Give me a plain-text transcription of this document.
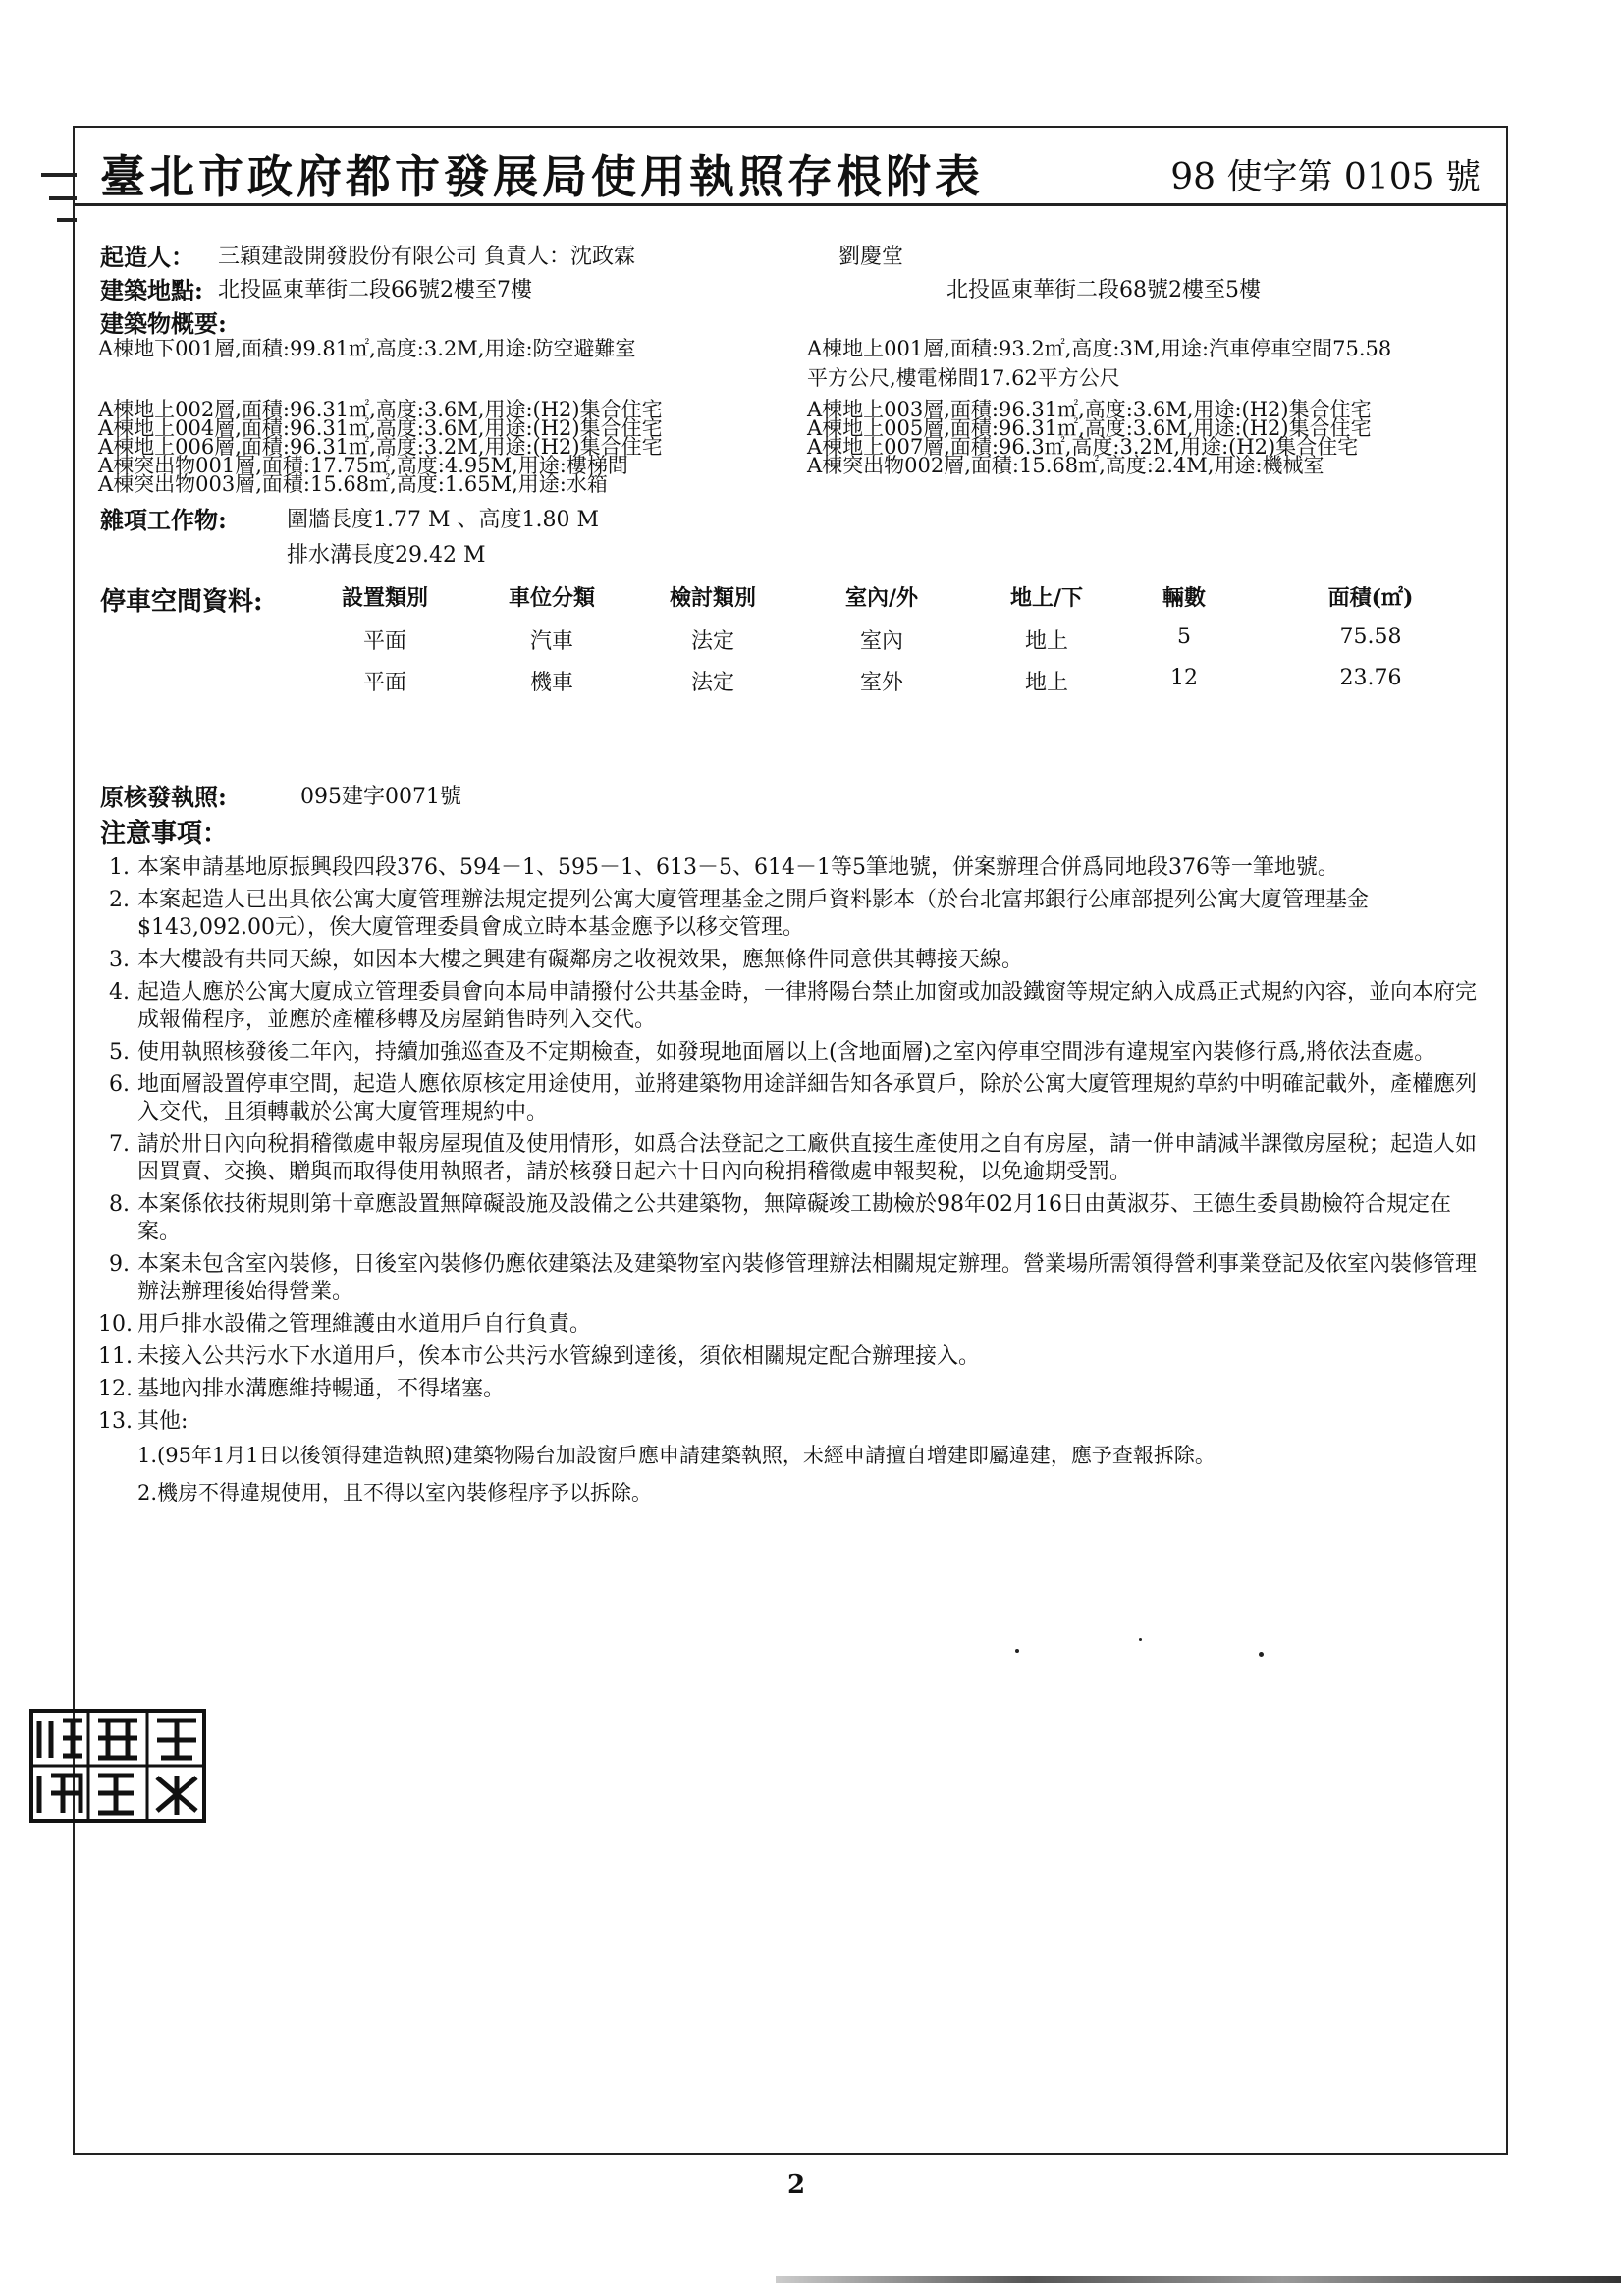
臺北市政府都市發展局使用執照存根附表	98 使字第 0105 號
起造人： 三穎建設開發股份有限公司 負責人：沈政霖	劉慶堂
建築地點: 北投區東華街二段66號2樓至7樓	北投區東華街二段68號2樓至5樓
建築物概要:
A棟地下001層,面積:99.81㎡,高度:3.2M,用途:防空避難室
A棟地上002層,面積:96.31㎡,高度:3.6M,用途:(H2)集合住宅
A棟地上004層,面積:96.31㎡,高度:3.6M,用途:(H2)集合住宅
A棟地上006層,面積:96.31㎡,高度:3.2M,用途:(H2)集合住宅
A棟突出物001層,面積:17.75㎡,高度:4.95M,用途:樓梯間
A棟突出物003層,面積:15.68㎡,高度:1.65M,用途:水箱
A棟地上001層,面積:93.2㎡,高度:3M,用途:汽車停車空間75.58
平方公尺,樓電梯間17.62平方公尺
A棟地上003層,面積:96.31㎡,高度:3.6M,用途:(H2)集合住宅
A棟地上005層,面積:96.31㎡,高度:3.6M,用途:(H2)集合住宅
A棟地上007層,面積:96.3㎡,高度:3.2M,用途:(H2)集合住宅
A棟突出物002層,面積:15.68㎡,高度:2.4M,用途:機械室
雜項工作物:	圍牆長度1.77 M 、高度1.80 M
排水溝長度29.42 M
停車空間資料:	設置類別	車位分類	檢討類別	室內/外	地上/下	輛數	面積(㎡)
平面	汽車	法定	室內	地上	5	75.58
平面	機車	法定	室外	地上	12	23.76
原核發執照:	095建字0071號
注意事項：
1. 本案申請基地原振興段四段376、594－1、595－1、613－5、614－1等5筆地號，併案辦理合併爲同地段376等一筆地號。
2. 本案起造人已出具依公寓大廈管理辦法規定提列公寓大廈管理基金之開戶資料影本（於台北富邦銀行公庫部提列公寓大廈管理基金$143,092.00元），俟大廈管理委員會成立時本基金應予以移交管理。
3. 本大樓設有共同天線，如因本大樓之興建有礙鄰房之收視效果，應無條件同意供其轉接天線。
4. 起造人應於公寓大廈成立管理委員會向本局申請撥付公共基金時，一律將陽台禁止加窗或加設鐵窗等規定納入成爲正式規約內容，並向本府完成報備程序，並應於產權移轉及房屋銷售時列入交代。
5. 使用執照核發後二年內，持續加強巡查及不定期檢查，如發現地面層以上(含地面層)之室內停車空間涉有違規室內裝修行爲,將依法查處。
6. 地面層設置停車空間，起造人應依原核定用途使用，並將建築物用途詳細告知各承買戶，除於公寓大廈管理規約草約中明確記載外，產權應列入交代，且須轉載於公寓大廈管理規約中。
7. 請於卅日內向稅捐稽徵處申報房屋現值及使用情形，如爲合法登記之工廠供直接生產使用之自有房屋，請一併申請減半課徵房屋稅；起造人如因買賣、交換、贈與而取得使用執照者，請於核發日起六十日內向稅捐稽徵處申報契稅，以免逾期受罰。
8. 本案係依技術規則第十章應設置無障礙設施及設備之公共建築物，無障礙竣工勘檢於98年02月16日由黃淑芬、王德生委員勘檢符合規定在案。
9. 本案未包含室內裝修，日後室內裝修仍應依建築法及建築物室內裝修管理辦法相關規定辦理。營業場所需領得營利事業登記及依室內裝修管理辦法辦理後始得營業。
10. 用戶排水設備之管理維護由水道用戶自行負責。
11. 未接入公共污水下水道用戶，俟本市公共污水管線到達後，須依相關規定配合辦理接入。
12. 基地內排水溝應維持暢通，不得堵塞。
13. 其他:
1.(95年1月1日以後領得建造執照)建築物陽台加設窗戶應申請建築執照，未經申請擅自增建即屬違建，應予查報拆除。
2.機房不得違規使用，且不得以室內裝修程序予以拆除。
2
